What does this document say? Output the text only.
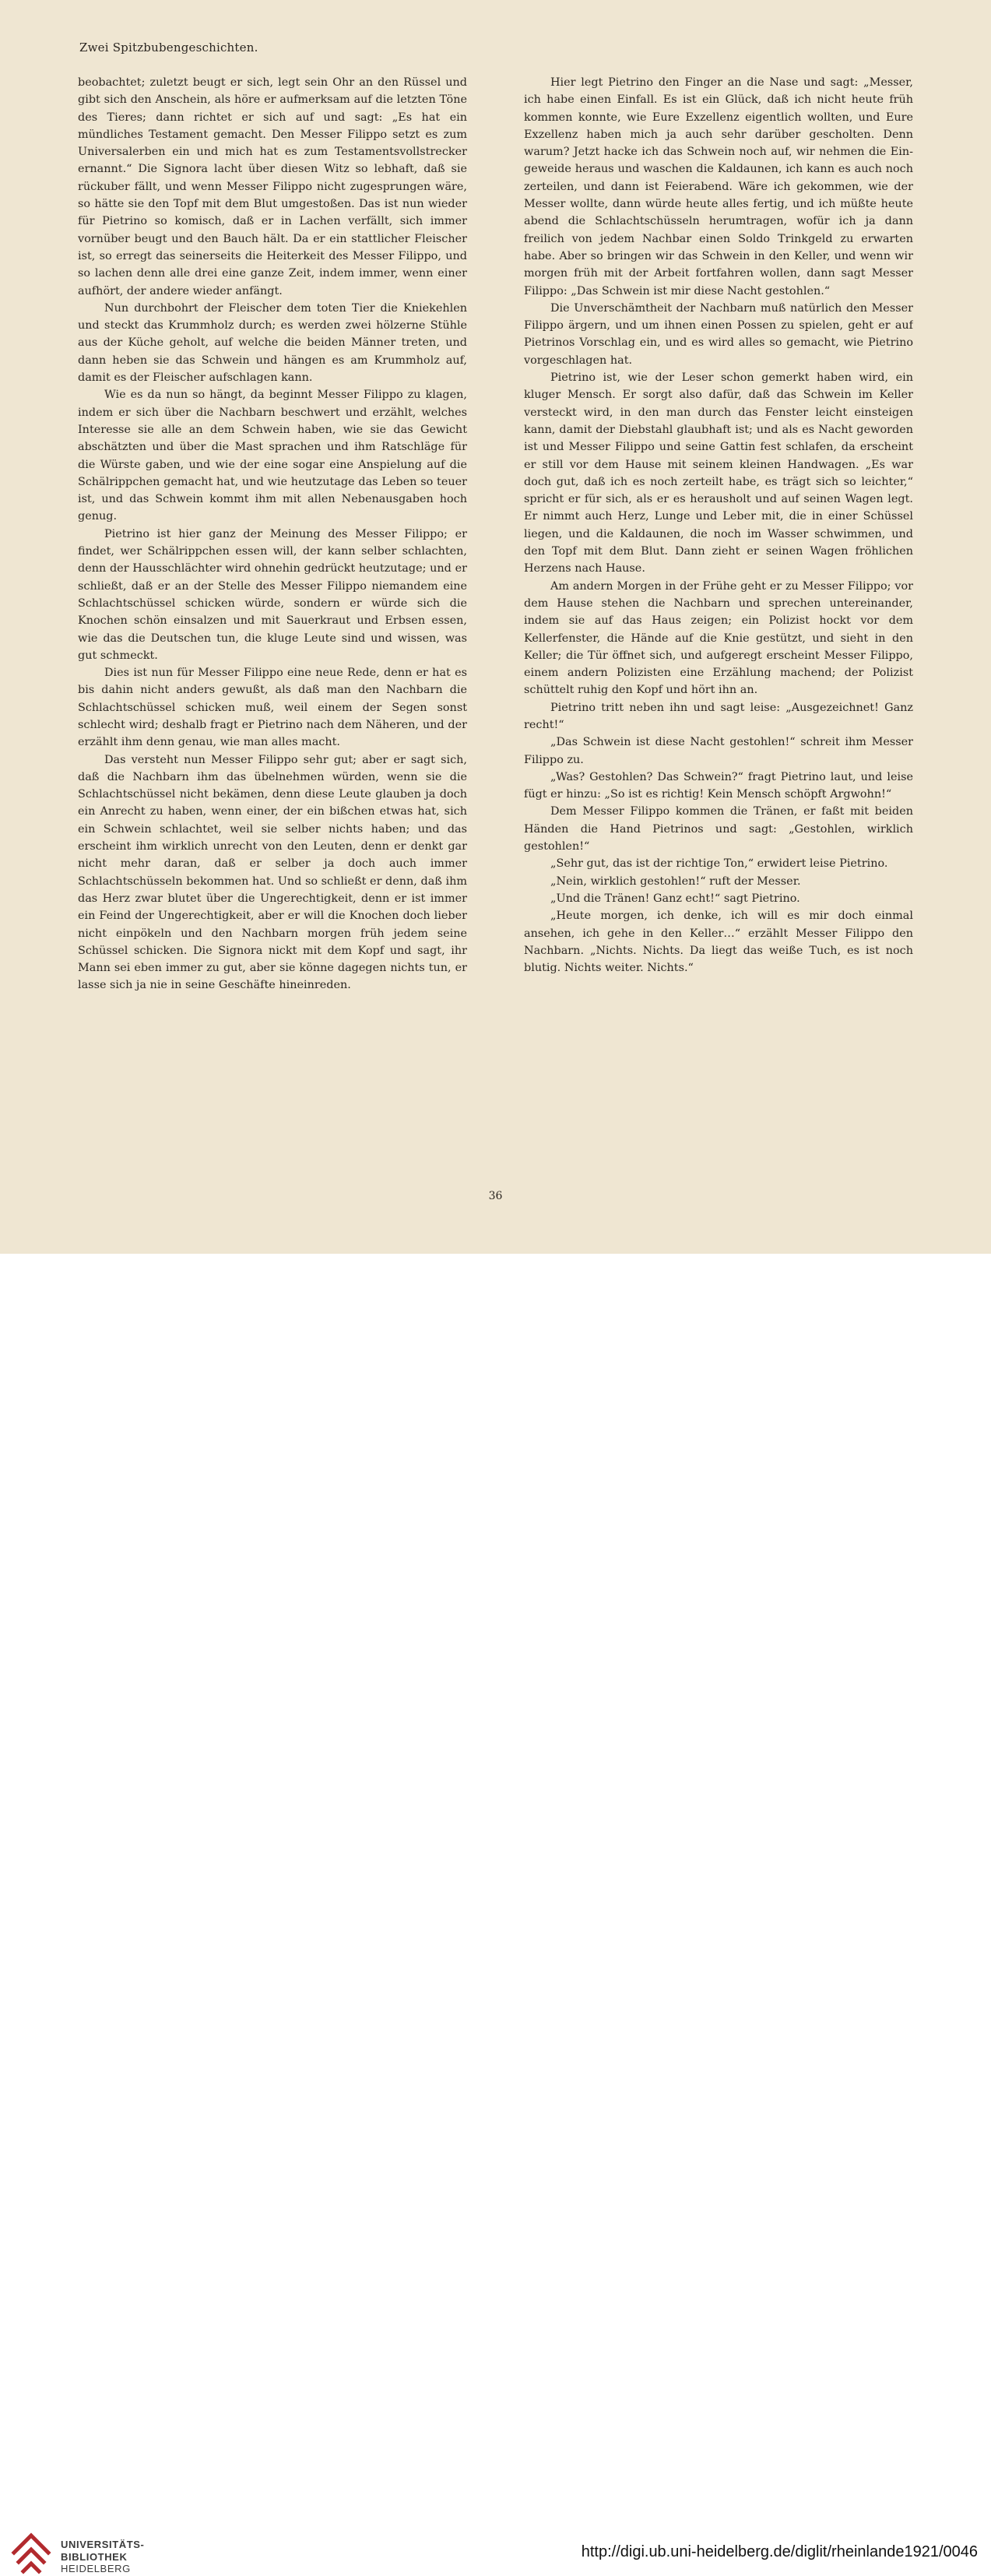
Zwei Spitzbubengeschichten.

beobachtet; zuletzt beugt er sich, legt sein Ohr an den Rüssel und gibt sich den Anschein, als höre er aufmerksam auf die letzten Töne des Tieres; dann richtet er sich auf und sagt: „Es hat ein mündliches Testament gemacht. Den Messer Filippo setzt es zum Universalerben ein und mich hat es zum Testamentsvollstrecker ernannt.“ Die Signora lacht über diesen Witz so lebhaft, daß sie rückuber fällt, und wenn Messer Filippo nicht zugesprungen wäre, so hätte sie den Topf mit dem Blut umgestoßen. Das ist nun wieder für Pietrino so komisch, daß er in Lachen verfällt, sich immer vornüber beugt und den Bauch hält. Da er ein stattlicher Fleischer ist, so erregt das seinerseits die Heiterkeit des Messer Filippo, und so lachen denn alle drei eine ganze Zeit, indem immer, wenn einer aufhört, der andere wieder anfängt.

Nun durchbohrt der Fleischer dem toten Tier die Kniekehlen und steckt das Krummholz durch; es werden zwei hölzerne Stühle aus der Küche geholt, auf welche die beiden Männer treten, und dann heben sie das Schwein und hängen es am Krummholz auf, damit es der Fleischer aufschlagen kann.

Wie es da nun so hängt, da beginnt Messer Filippo zu klagen, indem er sich über die Nachbarn beschwert und erzählt, welches Interesse sie alle an dem Schwein haben, wie sie das Gewicht abschätzten und über die Mast sprachen und ihm Ratschläge für die Würste gaben, und wie der eine sogar eine Anspielung auf die Schälrippchen gemacht hat, und wie heutzutage das Leben so teuer ist, und das Schwein kommt ihm mit allen Nebenausgaben hoch genug.

Pietrino ist hier ganz der Meinung des Messer Filippo; er findet, wer Schälrippchen essen will, der kann selber schlachten, denn der Hausschlächter wird ohnehin gedrückt heutzutage; und er schließt, daß er an der Stelle des Messer Filippo niemandem eine Schlachtschüssel schicken würde, sondern er würde sich die Knochen schön einsalzen und mit Sauerkraut und Erbsen essen, wie das die Deutschen tun, die kluge Leute sind und wissen, was gut schmeckt.

Dies ist nun für Messer Filippo eine neue Rede, denn er hat es bis dahin nicht anders gewußt, als daß man den Nachbarn die Schlachtschüssel schicken muß, weil einem der Segen sonst schlecht wird; deshalb fragt er Pietrino nach dem Näheren, und der erzählt ihm denn genau, wie man alles macht.

Das versteht nun Messer Filippo sehr gut; aber er sagt sich, daß die Nachbarn ihm das übelnehmen würden, wenn sie die Schlachtschüssel nicht bekämen, denn diese Leute glauben ja doch ein Anrecht zu haben, wenn einer, der ein bißchen etwas hat, sich ein Schwein schlachtet, weil sie selber nichts haben; und das erscheint ihm wirklich unrecht von den Leuten, denn er denkt gar nicht mehr daran, daß er selber ja doch auch immer Schlachtschüsseln bekommen hat. Und so schließt er denn, daß ihm das Herz zwar blutet über die Ungerechtigkeit, denn er ist immer ein Feind der Ungerechtigkeit, aber er will die Knochen doch lieber nicht einpökeln und den Nachbarn morgen früh jedem seine Schüssel schicken. Die Signora nickt mit dem Kopf und sagt, ihr Mann sei eben immer zu gut, aber sie könne dagegen nichts tun, er lasse sich ja nie in seine Geschäfte hineinreden.

Hier legt Pietrino den Finger an die Nase und sagt: „Messer, ich habe einen Einfall. Es ist ein Glück, daß ich nicht heute früh kommen konnte, wie Eure Exzellenz eigentlich wollten, und Eure Exzellenz haben mich ja auch sehr darüber gescholten. Denn warum? Jetzt hacke ich das Schwein noch auf, wir nehmen die Eingeweide heraus und waschen die Kaldaunen, ich kann es auch noch zerteilen, und dann ist Feierabend. Wäre ich gekommen, wie der Messer wollte, dann würde heute alles fertig, und ich müßte heute abend die Schlachtschüsseln herumtragen, wofür ich ja dann freilich von jedem Nachbar einen Soldo Trinkgeld zu erwarten habe. Aber so bringen wir das Schwein in den Keller, und wenn wir morgen früh mit der Arbeit fortfahren wollen, dann sagt Messer Filippo: „Das Schwein ist mir diese Nacht gestohlen.“

Die Unverschämtheit der Nachbarn muß natürlich den Messer Filippo ärgern, und um ihnen einen Possen zu spielen, geht er auf Pietrinos Vorschlag ein, und es wird alles so gemacht, wie Pietrino vorgeschlagen hat.

Pietrino ist, wie der Leser schon gemerkt haben wird, ein kluger Mensch. Er sorgt also dafür, daß das Schwein im Keller versteckt wird, in den man durch das Fenster leicht einsteigen kann, damit der Diebstahl glaubhaft ist; und als es Nacht geworden ist und Messer Filippo und seine Gattin fest schlafen, da erscheint er still vor dem Hause mit seinem kleinen Handwagen. „Es war doch gut, daß ich es noch zerteilt habe, es trägt sich so leichter,“ spricht er für sich, als er es herausholt und auf seinen Wagen legt. Er nimmt auch Herz, Lunge und Leber mit, die in einer Schüssel liegen, und die Kaldaunen, die noch im Wasser schwimmen, und den Topf mit dem Blut. Dann zieht er seinen Wagen fröhlichen Herzens nach Hause.

Am andern Morgen in der Frühe geht er zu Messer Filippo; vor dem Hause stehen die Nachbarn und sprechen untereinander, indem sie auf das Haus zeigen; ein Polizist hockt vor dem Kellerfenster, die Hände auf die Knie gestützt, und sieht in den Keller; die Tür öffnet sich, und aufgeregt erscheint Messer Filippo, einem andern Polizisten eine Erzählung machend; der Polizist schüttelt ruhig den Kopf und hört ihn an.

Pietrino tritt neben ihn und sagt leise: „Ausgezeichnet! Ganz recht!“

„Das Schwein ist diese Nacht gestohlen!“ schreit ihm Messer Filippo zu.

„Was? Gestohlen? Das Schwein?“ fragt Pietrino laut, und leise fügt er hinzu: „So ist es richtig! Kein Mensch schöpft Argwohn!“

Dem Messer Filippo kommen die Tränen, er faßt mit beiden Händen die Hand Pietrinos und sagt: „Gestohlen, wirklich gestohlen!“

„Sehr gut, das ist der richtige Ton,“ erwidert leise Pietrino.

„Nein, wirklich gestohlen!“ ruft der Messer.

„Und die Tränen! Ganz echt!“ sagt Pietrino.

„Heute morgen, ich denke, ich will es mir doch einmal ansehen, ich gehe in den Keller…“ erzählt Messer Filippo den Nachbarn. „Nichts. Nichts. Da liegt das weiße Tuch, es ist noch blutig. Nichts weiter. Nichts.“

36
UNIVERSITÄTS-
BIBLIOTHEK
HEIDELBERG
http://digi.ub.uni-heidelberg.de/diglit/rheinlande1921/0046
